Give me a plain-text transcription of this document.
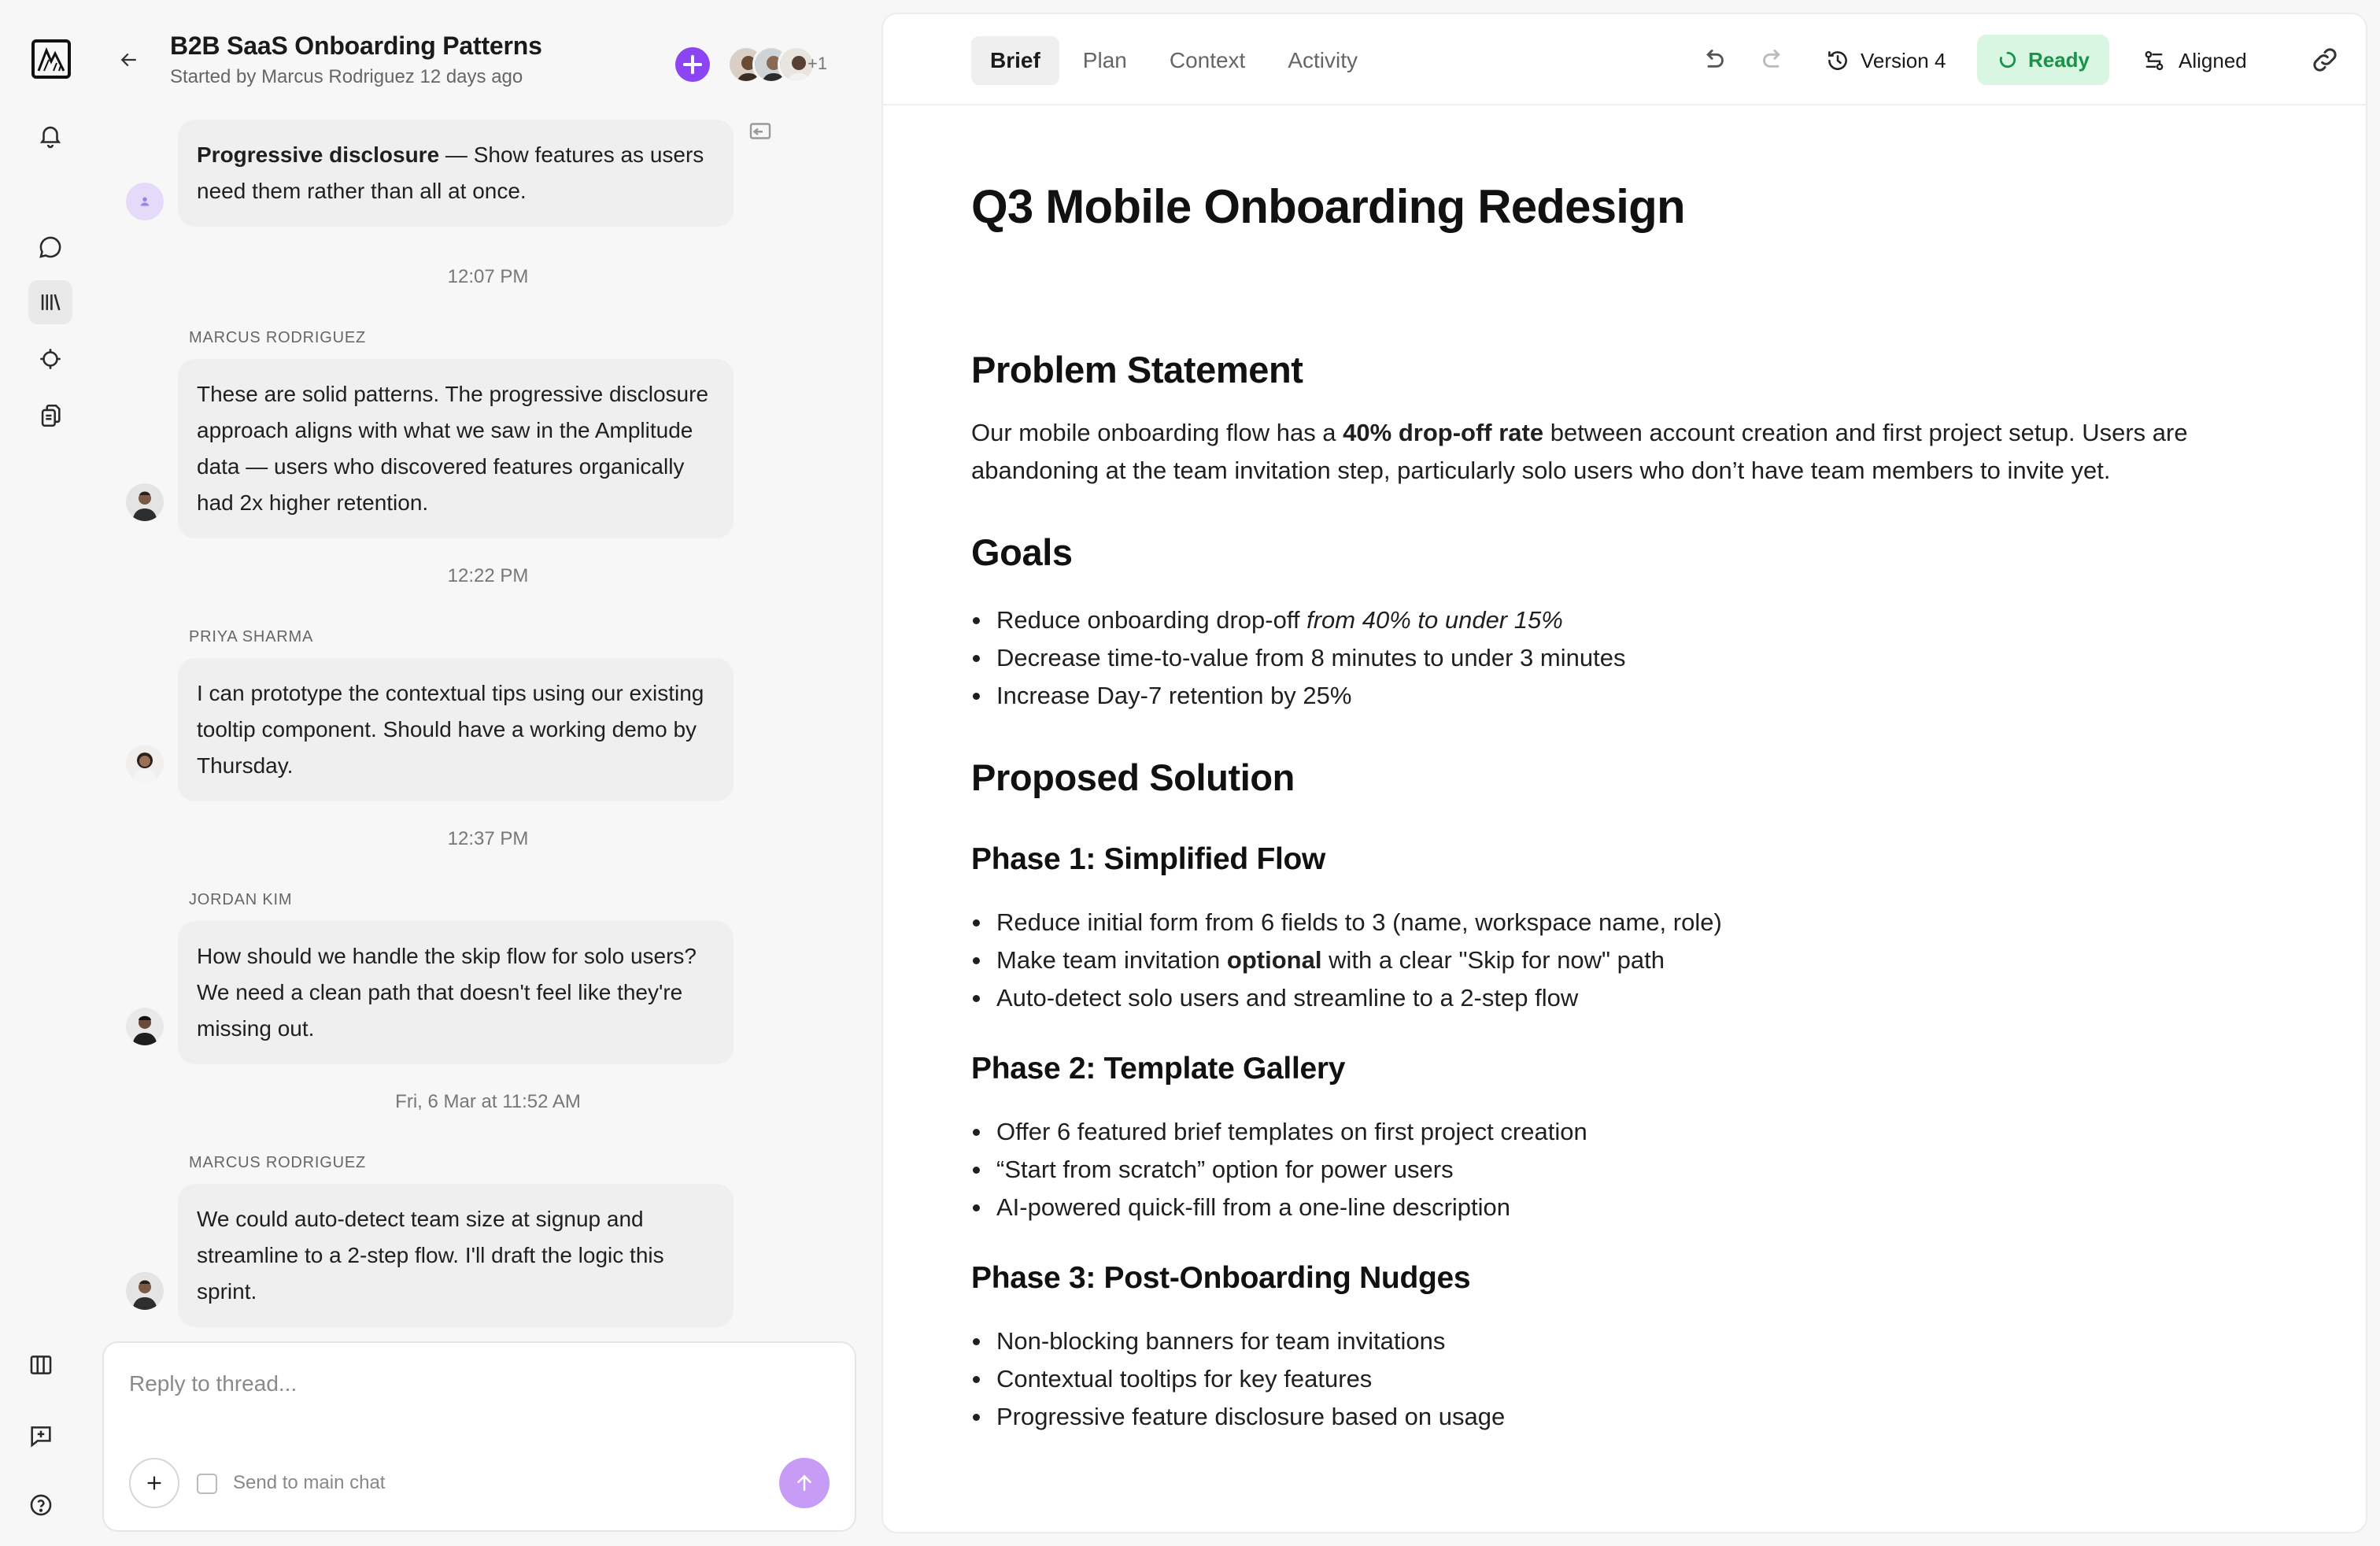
B2B SaaS Onboarding Patterns
Started by Marcus Rodriguez 12 days ago
+1
Progressive disclosure — Show features as users need them rather than all at once.
12:07 PM
MARCUS RODRIGUEZ
These are solid patterns. The progressive disclosure approach aligns with what we saw in the Amplitude data — users who discovered features organically had 2x higher retention.
12:22 PM
PRIYA SHARMA
I can prototype the contextual tips using our existing tooltip component. Should have a working demo by Thursday.
12:37 PM
JORDAN KIM
How should we handle the skip flow for solo users? We need a clean path that doesn't feel like they're missing out.
Fri, 6 Mar at 11:52 AM
MARCUS RODRIGUEZ
We could auto-detect team size at signup and streamline to a 2-step flow. I'll draft the logic this sprint.
Reply to thread...
Send to main chat
Brief	Plan	Context	Activity	Version 4	Ready	Aligned
Q3 Mobile Onboarding Redesign
Problem Statement

Our mobile onboarding flow has a 40% drop-off rate between account creation and first project setup. Users are abandoning at the team invitation step, particularly solo users who don’t have team members to invite yet.

Goals
Reduce onboarding drop-off from 40% to under 15%
Decrease time-to-value from 8 minutes to under 3 minutes
Increase Day-7 retention by 25%
Proposed Solution
Phase 1: Simplified Flow
Reduce initial form from 6 fields to 3 (name, workspace name, role)
Make team invitation optional with a clear "Skip for now" path
Auto-detect solo users and streamline to a 2-step flow
Phase 2: Template Gallery
Offer 6 featured brief templates on first project creation
“Start from scratch” option for power users
AI-powered quick-fill from a one-line description
Phase 3: Post-Onboarding Nudges
Non-blocking banners for team invitations
Contextual tooltips for key features
Progressive feature disclosure based on usage
